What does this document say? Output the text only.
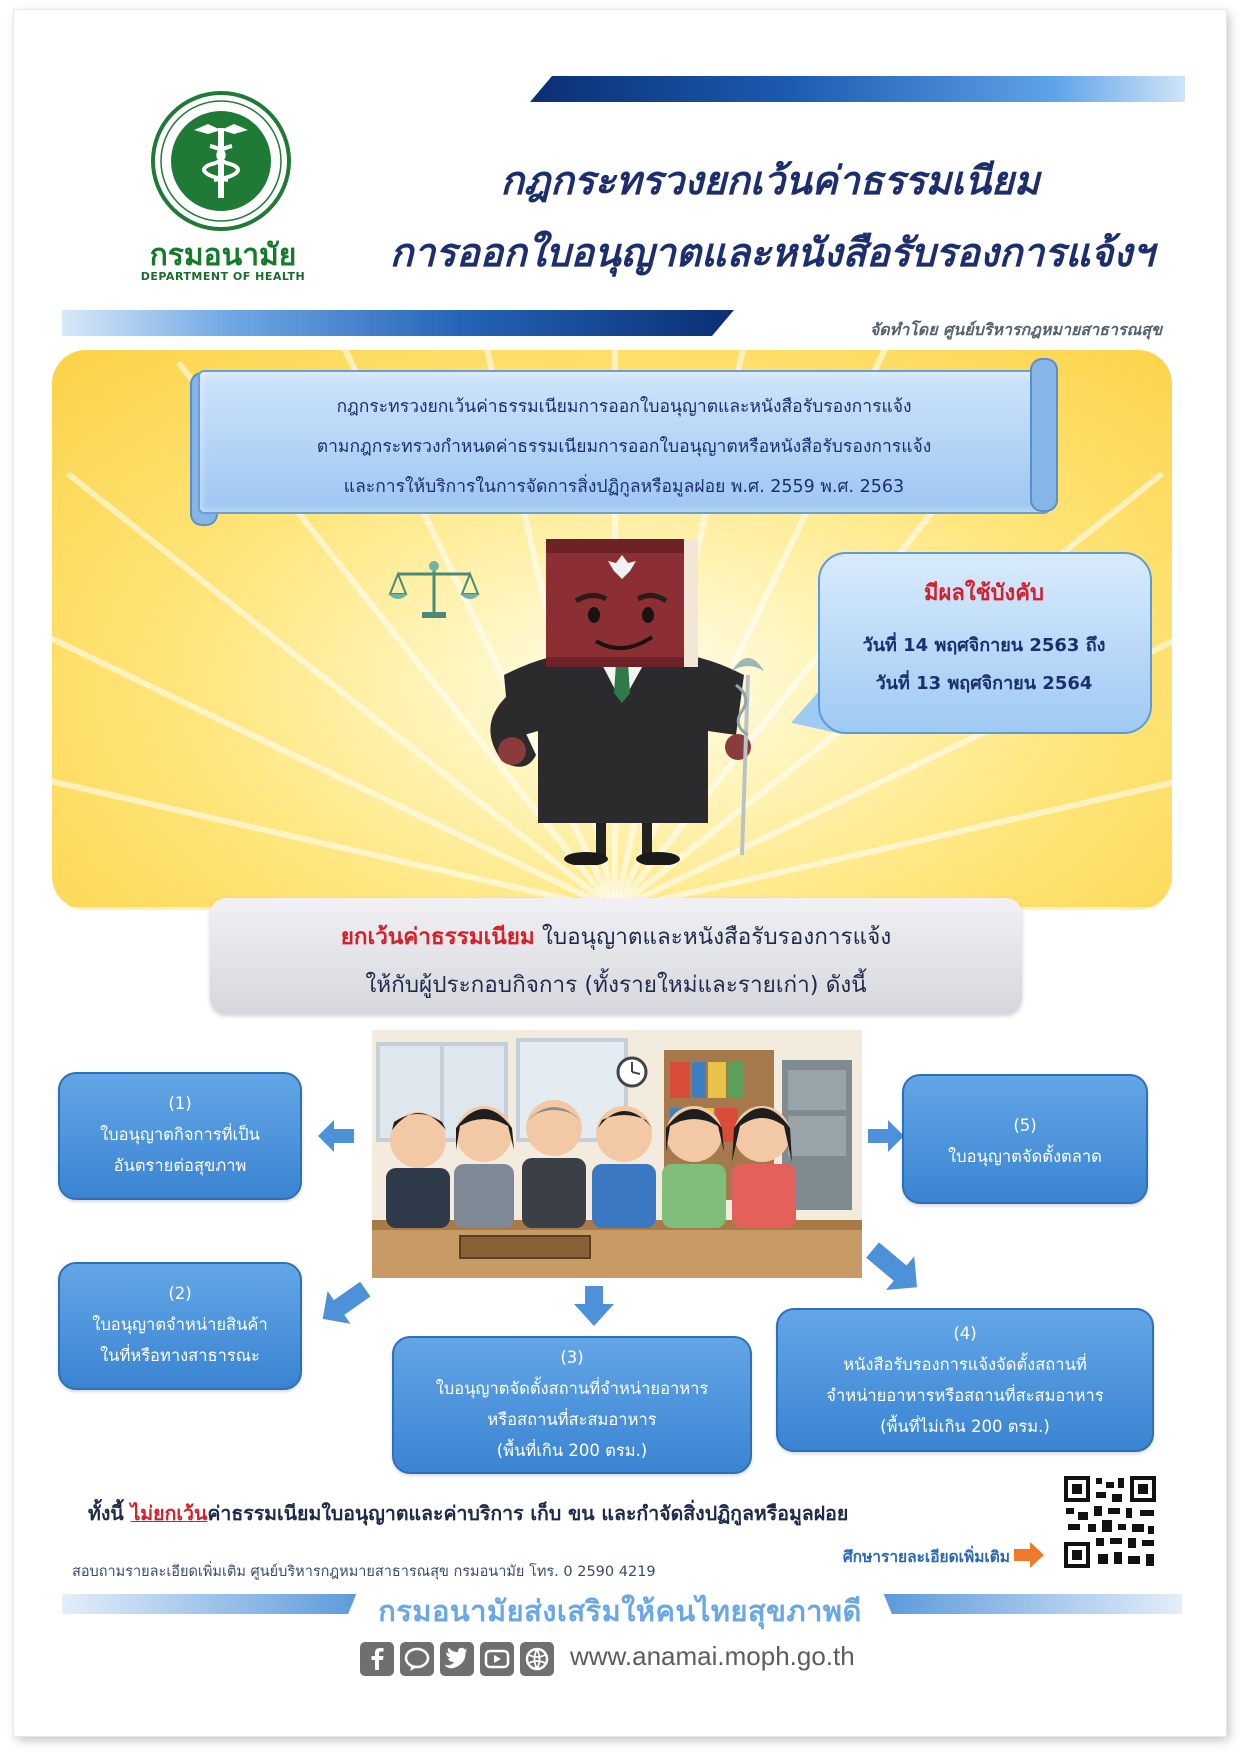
กรมอนามัย
DEPARTMENT OF HEALTH
กฎกระทรวงยกเว้นค่าธรรมเนียม
การออกใบอนุญาตและหนังสือรับรองการแจ้งฯ
จัดทำโดย ศูนย์บริหารกฎหมายสาธารณสุข
กฎกระทรวงยกเว้นค่าธรรมเนียมการออกใบอนุญาตและหนังสือรับรองการแจ้ง
ตามกฎกระทรวงกำหนดค่าธรรมเนียมการออกใบอนุญาตหรือหนังสือรับรองการแจ้ง
และการให้บริการในการจัดการสิ่งปฏิกูลหรือมูลฝอย พ.ศ. 2559 พ.ศ. 2563
มีผลใช้บังคับ
วันที่ 14 พฤศจิกายน 2563 ถึง
วันที่ 13 พฤศจิกายน 2564
ยกเว้นค่าธรรมเนียม ใบอนุญาตและหนังสือรับรองการแจ้ง
ให้กับผู้ประกอบกิจการ (ทั้งรายใหม่และรายเก่า) ดังนี้
(1)
ใบอนุญาตกิจการที่เป็น
อันตรายต่อสุขภาพ
(2)
ใบอนุญาตจำหน่ายสินค้า
ในที่หรือทางสาธารณะ	(3)
ใบอนุญาตจัดตั้งสถานที่จำหน่ายอาหาร
หรือสถานที่สะสมอาหาร
(พื้นที่เกิน 200 ตรม.)
(4)
หนังสือรับรองการแจ้งจัดตั้งสถานที่
จำหน่ายอาหารหรือสถานที่สะสมอาหาร
(พื้นที่ไม่เกิน 200 ตรม.)
(5)
ใบอนุญาตจัดตั้งตลาด
ทั้งนี้ ไม่ยกเว้นค่าธรรมเนียมใบอนุญาตและค่าบริการ เก็บ ขน และกำจัดสิ่งปฏิกูลหรือมูลฝอย
ศึกษารายละเอียดเพิ่มเติม
สอบถามรายละเอียดเพิ่มเติม ศูนย์บริหารกฎหมายสาธารณสุข กรมอนามัย โทร. 0 2590 4219
กรมอนามัยส่งเสริมให้คนไทยสุขภาพดี
www.anamai.moph.go.th
